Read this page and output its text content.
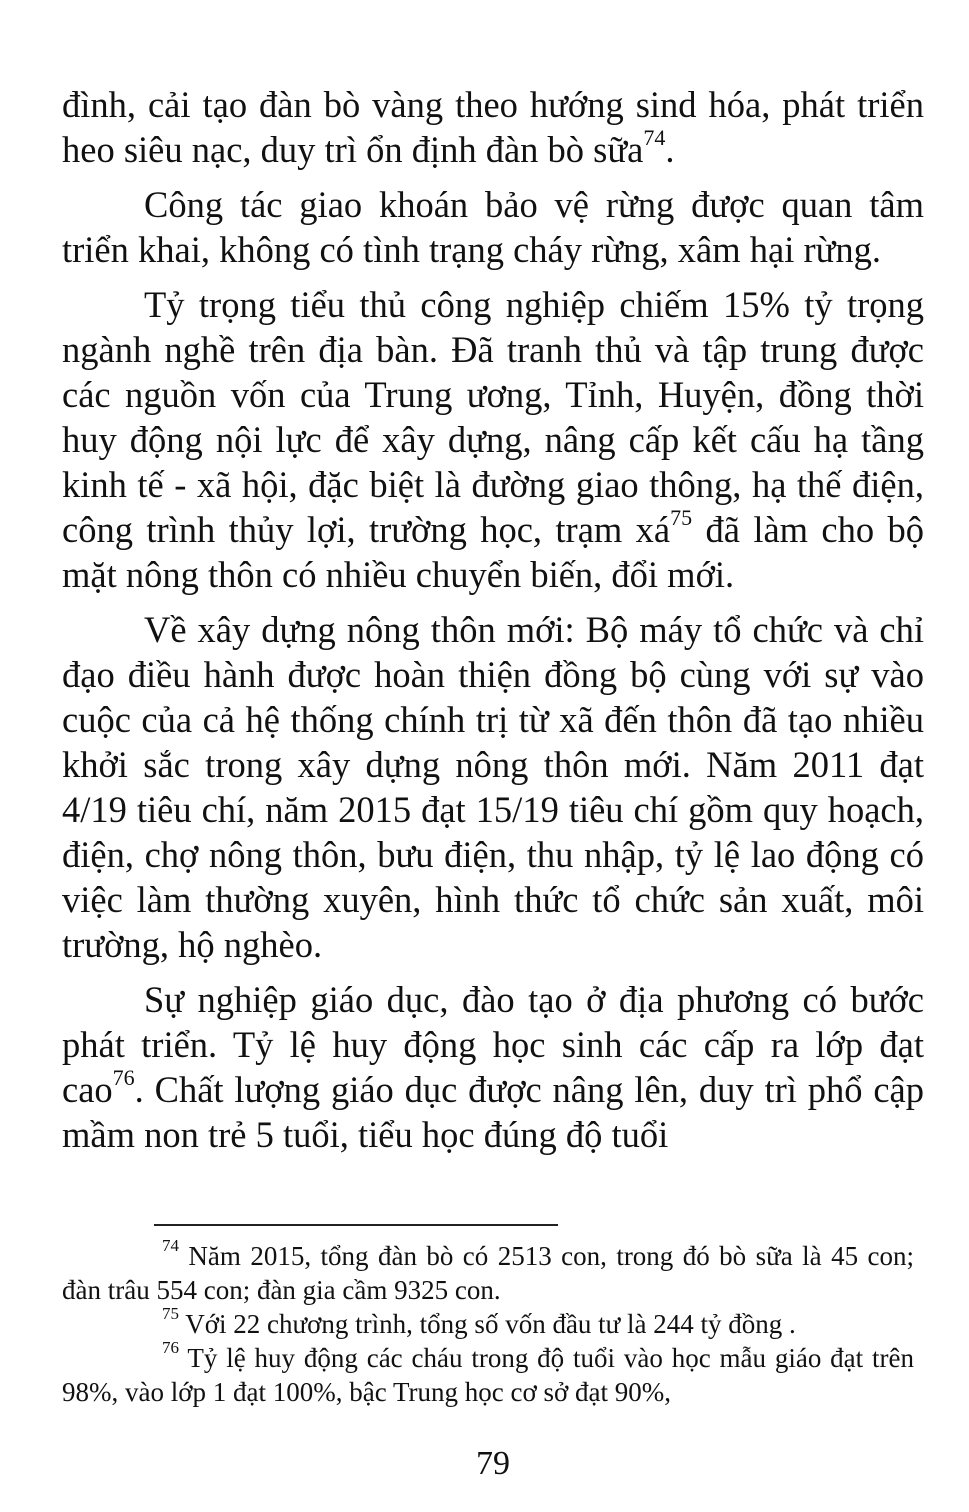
đình, cải tạo đàn bò vàng theo hướng sind hóa, phát triển heo siêu nạc, duy trì ổn định đàn bò sữa$^{74}$.

Công tác giao khoán bảo vệ rừng được quan tâm triển khai, không có tình trạng cháy rừng, xâm hại rừng.

Tỷ trọng tiểu thủ công nghiệp chiếm 15% tỷ trọng ngành nghề trên địa bàn. Đã tranh thủ và tập trung được các nguồn vốn của Trung ương, Tỉnh, Huyện, đồng thời huy động nội lực để xây dựng, nâng cấp kết cấu hạ tầng kinh tế - xã hội, đặc biệt là đường giao thông, hạ thế điện, công trình thủy lợi, trường học, trạm $xá^{75}$ đã làm cho bộ mặt nông thôn có nhiều chuyển biến, đổi mới.

Về xây dựng nông thôn mới: Bộ máy tổ chức và chỉ đạo điều hành được hoàn thiện đồng bộ cùng với sự vào cuộc của cả hệ thống chính trị từ xã đến thôn đã tạo nhiều khởi sắc trong xây dựng nông thôn mới. Năm 2011 đạt 4/19 tiêu chí, năm 2015 đạt 15/19 tiêu chí gồm quy hoạch, điện, chợ nông thôn, bưu điện, thu nhập, tỷ lệ lao động có việc làm thường xuyên, hình thức tổ chức sản xuất, môi trường, hộ nghèo.

Sự nghiệp giáo dục, đào tạo ở địa phương có bước phát triển. Tỷ lệ huy động học sinh các cấp ra lớp đạt cao$^{76}$. Chất lượng giáo dục được nâng lên, duy trì phổ cập mầm non trẻ 5 tuổi, tiểu học đúng độ tuổi

$^{74}$ Năm 2015, tổng đàn bò có 2513 con, trong đó bò sữa là 45 con; đàn trâu 554 con; đàn gia cầm 9325 con.

$^{75}$ Với 22 chương trình, tổng số vốn đầu tư là 244 tỷ đồng .

$^{76}$ Tỷ lệ huy động các cháu trong độ tuổi vào học mẫu giáo đạt trên 98%, vào lớp 1 đạt 100%, bậc Trung học cơ sở đạt 90%,

79
